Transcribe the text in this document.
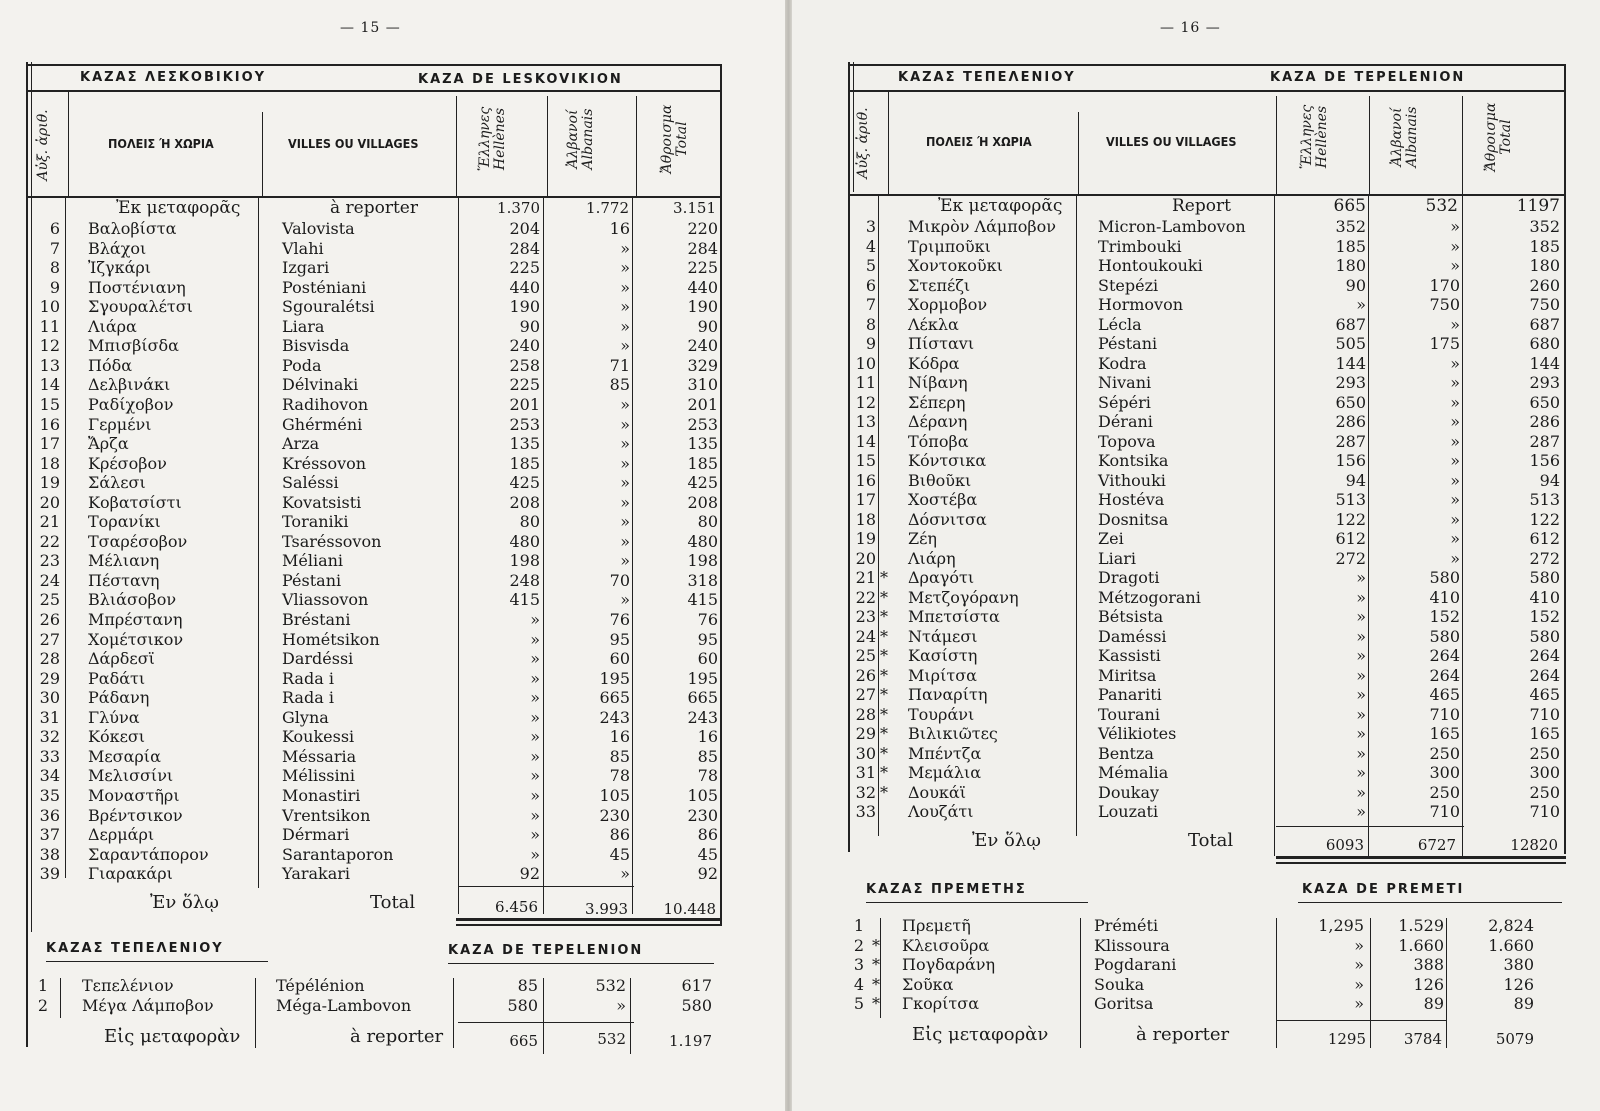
— 15 —
ΚΑΖΑΣ ΛΕΣΚΟΒΙΚΙΟΥ	KAZA DE LESKOVIKION
Αὐξ. ἀριθ.	ΠΟΛΕΙΣ Ή ΧΩΡΙΑ	VILLES OU VILLAGES	Ἕλληνες
Hellènes	Ἀλβανοί
Albanais	Ἄθροισμα
Total
Ἐκ μεταφορᾶς	à reporter	1.370	1.772	3.151
6 Βαλοβίστα	Valovista	204	16	220
7 Βλάχοι	Vlahi	284	»	284
8 Ἰζγκάρι	Izgari	225	»	225
9 Ποστένιανη	Posténiani	440	»	440
10 Σγουραλέτσι	Sgouralétsi	190	»	190
11 Λιάρα	Liara	90	»	90
12 Μπισβίσδα	Bisvisda	240	»	240
13 Πόδα	Poda	258	71	329
14 Δελβινάκι	Délvinaki	225	85	310
15 Ραδίχοβον	Radihovon	201	»	201
16 Γερμένι	Ghérméni	253	»	253
17 Ἄρζα	Arza	135	»	135
18 Κρέσοβον	Kréssovon	185	»	185
19 Σάλεσι	Saléssi	425	»	425
20 Κοβατσίστι	Kovatsisti	208	»	208
21 Τορανίκι	Toraniki	80	»	80
22 Τσαρέσοβον	Tsaréssovon	480	»	480
23 Μέλιανη	Méliani	198	»	198
24 Πέσταvη	Péstani	248	70	318
25 Βλιάσοβον	Vliassovon	415	»	415
26 Μπρέστανη	Bréstani	»	76	76
27 Χομέτσικον	Hométsikon	»	95	95
28 Δάρδεσϊ	Dardéssi	»	60	60
29 Ραδάτι	Rada i	»	195	195
30 Ράδανη	Rada i	»	665	665
31 Γλύνα	Glyna	»	243	243
32 Κόκεσι	Koukessi	»	16	16
33 Μεσαρία	Méssaria	»	85	85
34 Μελισσίνι	Mélissini	»	78	78
35 Μοναστῆρι	Monastiri	»	105	105
36 Βρέντσικον	Vrentsikon	»	230	230
37 Δερμάρι	Dérmari	»	86	86
38 Σαραντάπορον	Sarantaporon	»	45	45
39 Γιαρακάρι	Yarakari	92	»	92
Ἐν ὅλῳ	Total	6.456	3.993	10.448
ΚΑΖΑΣ ΤΕΠΕΛΕΝΙΟΥ	KAZA DE TEPELENION
1 Τεπελένιον	Tépélénion	85	532	617
2 Μέγα Λάμποβον	Méga-Lambovon	580	»	580
Εἰς μεταφορὰν	à reporter	665	532	1.197
— 16 —
ΚΑΖΑΣ ΤΕΠΕΛΕΝΙΟΥ	KAZA DE TEPELENION
Αὐξ. ἀριθ.	ΠΟΛΕΙΣ Ή ΧΩΡΙΑ	VILLES OU VILLAGES	Ἕλληνες
Hellènes	Ἀλβανοί
Albanais	Ἄθροισμα
Total
Ἐκ μεταφορᾶς	Report	665	532	1197
3 Μικρὸν Λάμποβον	Micron-Lambovon	352	»	352
4 Τριμποῦκι	Trimbouki	185	»	185
5 Χοντοκοῦκι	Hontoukouki	180	»	180
6 Στεπέζι	Stepézi	90	170	260
7 Χορμοβον	Hormovon	»	750	750
8 Λέκλα	Lécla	687	»	687
9 Πίσταvι	Péstani	505	175	680
10 Κόδρα	Kodra	144	»	144
11 Νίβανη	Nivani	293	»	293
12 Σέπερη	Sépéri	650	»	650
13 Δέρανη	Dérani	286	»	286
14 Τόποβα	Topova	287	»	287
15 Κόντσικα	Kontsika	156	»	156
16 Βιθοῦκι	Vithouki	94	»	94
17 Χοστέβα	Hostéva	513	»	513
18 Δόσνιτσα	Dosnitsa	122	»	122
19 Ζέη	Zei	612	»	612
20 Λιάρη	Liari	272	»	272
21 * Δραγότι	Dragoti	»	580	580
22 * Μετζογόρανη	Métzogorani	»	410	410
23 * Μπετσίστα	Bétsista	»	152	152
24 * Ντάμεσι	Daméssi	»	580	580
25 * Κασίστη	Kassisti	»	264	264
26 * Μιρίτσα	Miritsa	»	264	264
27 * Παναρίτη	Panariti	»	465	465
28 * Τουράνι	Tourani	»	710	710
29 * Βιλικιῶτες	Vélikiotes	»	165	165
30 * Μπέντζα	Bentza	»	250	250
31 * Μεμάλια	Mémalia	»	300	300
32 * Δουκάϊ	Doukay	»	250	250
33 Λουζάτι	Louzati	»	710	710
Ἐν ὅλῳ	Total	6093	6727	12820
ΚΑΖΑΣ ΠΡΕΜΕΤΗΣ	KAZA DE PREMETI
1 Πρεμετῆ	Préméti	1,295	1.529	2,824
2 * Κλεισοῦρα	Klissoura	»	1.660	1.660
3 * Πογδαράνη	Pogdarani	»	388	380
4 * Σοῦκα	Souka	»	126	126
5 * Γκορίτσα	Goritsa	»	89	89
Εἰς μεταφορὰν	à reporter	1295	3784	5079
